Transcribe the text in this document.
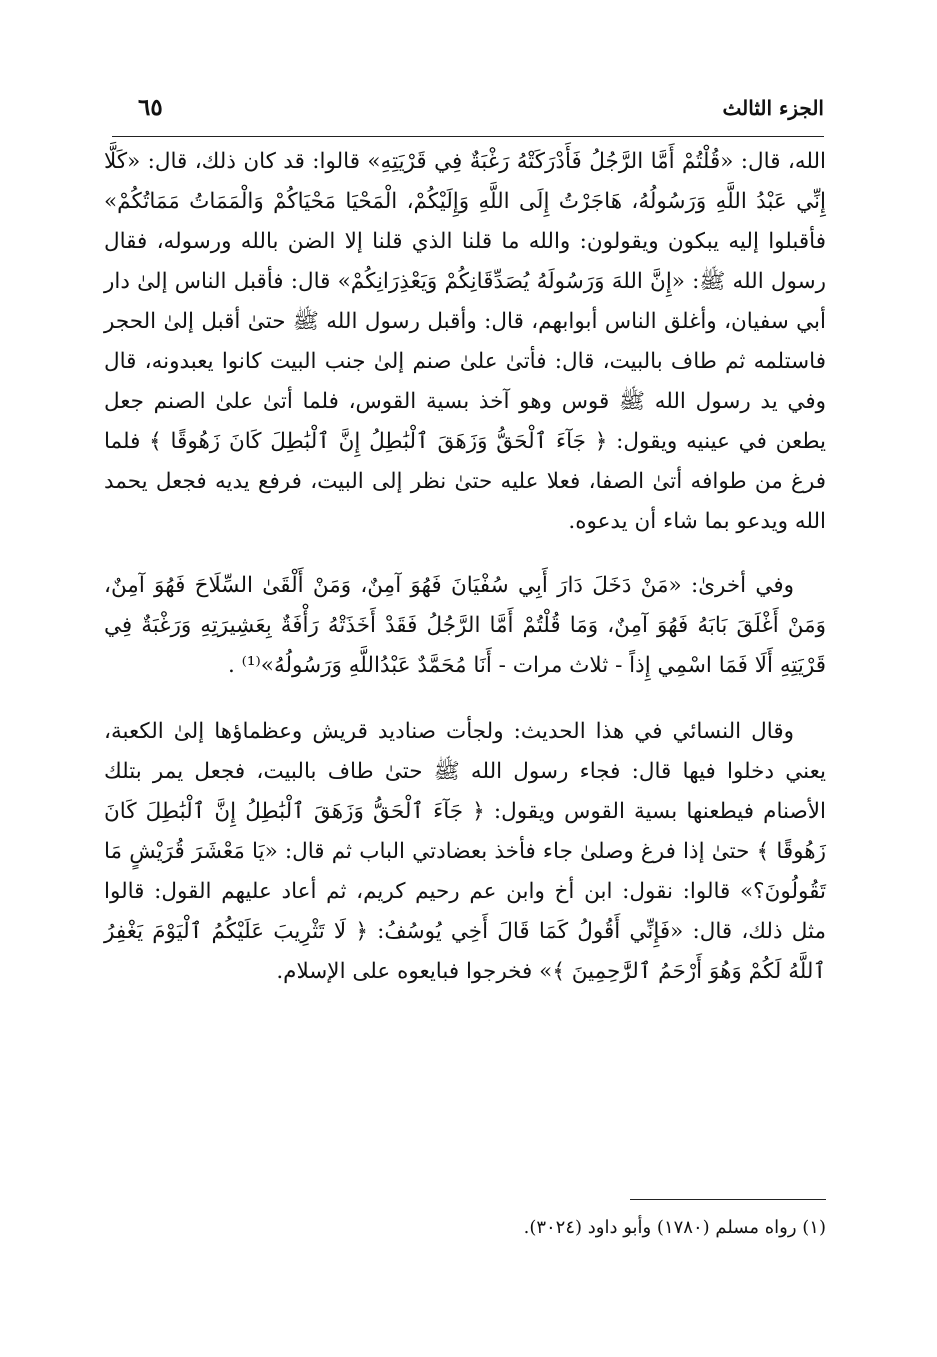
الجزء الثالث
٦٥

الله، قال: «قُلْتُمْ أَمَّا الرَّجُلُ فَأَدْرَكَتْهُ رَغْبَةٌ فِي قَرْيَتِهِ» قالوا: قد كان ذلك، قال: «كَلَّا إِنِّي عَبْدُ اللَّهِ وَرَسُولُهُ، هَاجَرْتُ إِلَى اللَّهِ وَإِلَيْكُمْ، الْمَحْيَا مَحْيَاكُمْ وَالْمَمَاتُ مَمَاتُكُمْ» فأقبلوا إليه يبكون ويقولون: والله ما قلنا الذي قلنا إلا الضن بالله ورسوله، فقال رسول الله ﷺ: «إِنَّ اللهَ وَرَسُولَهُ يُصَدِّقَانِكُمْ وَيَعْذِرَانِكُمْ» قال: فأقبل الناس إلىٰ دار أبي سفيان، وأغلق الناس أبوابهم، قال: وأقبل رسول الله ﷺ حتىٰ أقبل إلىٰ الحجر فاستلمه ثم طاف بالبيت، قال: فأتىٰ علىٰ صنم إلىٰ جنب البيت كانوا يعبدونه، قال وفي يد رسول الله ﷺ قوس وهو آخذ بسية القوس، فلما أتىٰ علىٰ الصنم جعل يطعن في عينيه ويقول: ﴿ جَآءَ ٱلْحَقُّ وَزَهَقَ ٱلْبَٰطِلُ إِنَّ ٱلْبَٰطِلَ كَانَ زَهُوقًا ﴾ فلما فرغ من طوافه أتىٰ الصفا، فعلا عليه حتىٰ نظر إلى البيت، فرفع يديه فجعل يحمد الله ويدعو بما شاء أن يدعوه.

وفي أخرىٰ: «مَنْ دَخَلَ دَارَ أَبِي سُفْيَانَ فَهُوَ آمِنٌ، وَمَنْ أَلْقَىٰ السِّلَاحَ فَهُوَ آمِنٌ، وَمَنْ أَغْلَقَ بَابَهُ فَهُوَ آمِنٌ، وَمَا قُلْتُمْ أَمَّا الرَّجُلُ فَقَدْ أَخَذَتْهُ رَأْفَةٌ بِعَشِيرَتِهِ وَرَغْبَةٌ فِي قَرْيَتِهِ أَلَا فَمَا اسْمِي إِذاً - ثلاث مرات - أَنَا مُحَمَّدٌ عَبْدُاللَّهِ وَرَسُولُهُ»⁽¹⁾ .

وقال النسائي في هذا الحديث: ولجأت صناديد قريش وعظماؤها إلىٰ الكعبة، يعني دخلوا فيها قال: فجاء رسول الله ﷺ حتىٰ طاف بالبيت، فجعل يمر بتلك الأصنام فيطعنها بسية القوس ويقول: ﴿ جَآءَ ٱلْحَقُّ وَزَهَقَ ٱلْبَٰطِلُ إِنَّ ٱلْبَٰطِلَ كَانَ زَهُوقًا ﴾ حتىٰ إذا فرغ وصلىٰ جاء فأخذ بعضادتي الباب ثم قال: «يَا مَعْشَرَ قُرَيْشٍ مَا تَقُولُونَ؟» قالوا: نقول: ابن أخ وابن عم رحيم كريم، ثم أعاد عليهم القول: قالوا مثل ذلك، قال: «فَإِنِّي أَقُولُ كَمَا قَالَ أَخِي يُوسُفُ: ﴿ لَا تَثْرِيبَ عَلَيْكُمُ ٱلْيَوْمَ يَغْفِرُ ٱللَّهُ لَكُمْ وَهُوَ أَرْحَمُ ٱلرَّٰحِمِينَ ﴾» فخرجوا فبايعوه على الإسلام.

(١) رواه مسلم (١٧٨٠) وأبو داود (٣٠٢٤).
